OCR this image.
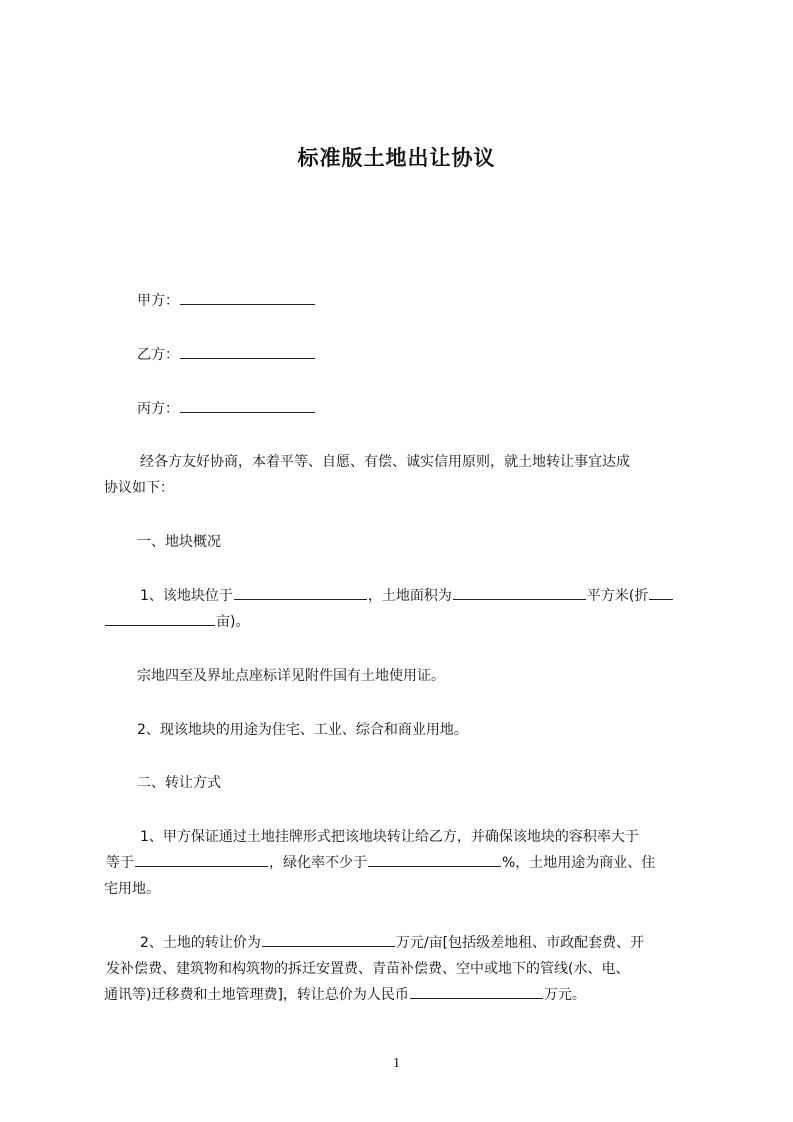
标准版土地出让协议

甲方：

乙方：

丙方：

经各方友好协商，本着平等、自愿、有偿、诚实信用原则，就土地转让事宜达成

协议如下：

一、地块概况

1、该地块位于	，土地面积为	平方米(折

亩)。

宗地四至及界址点座标详见附件国有土地使用证。

2、现该地块的用途为住宅、工业、综合和商业用地。

二、转让方式

1、甲方保证通过土地挂牌形式把该地块转让给乙方，并确保该地块的容积率大于

等于	，绿化率不少于	%，土地用途为商业、住

宅用地。

2、土地的转让价为	万元/亩[包括级差地租、市政配套费、开

发补偿费、建筑物和构筑物的拆迁安置费、青苗补偿费、空中或地下的管线(水、电、

通讯等)迁移费和土地管理费]，转让总价为人民币	万元。

1
